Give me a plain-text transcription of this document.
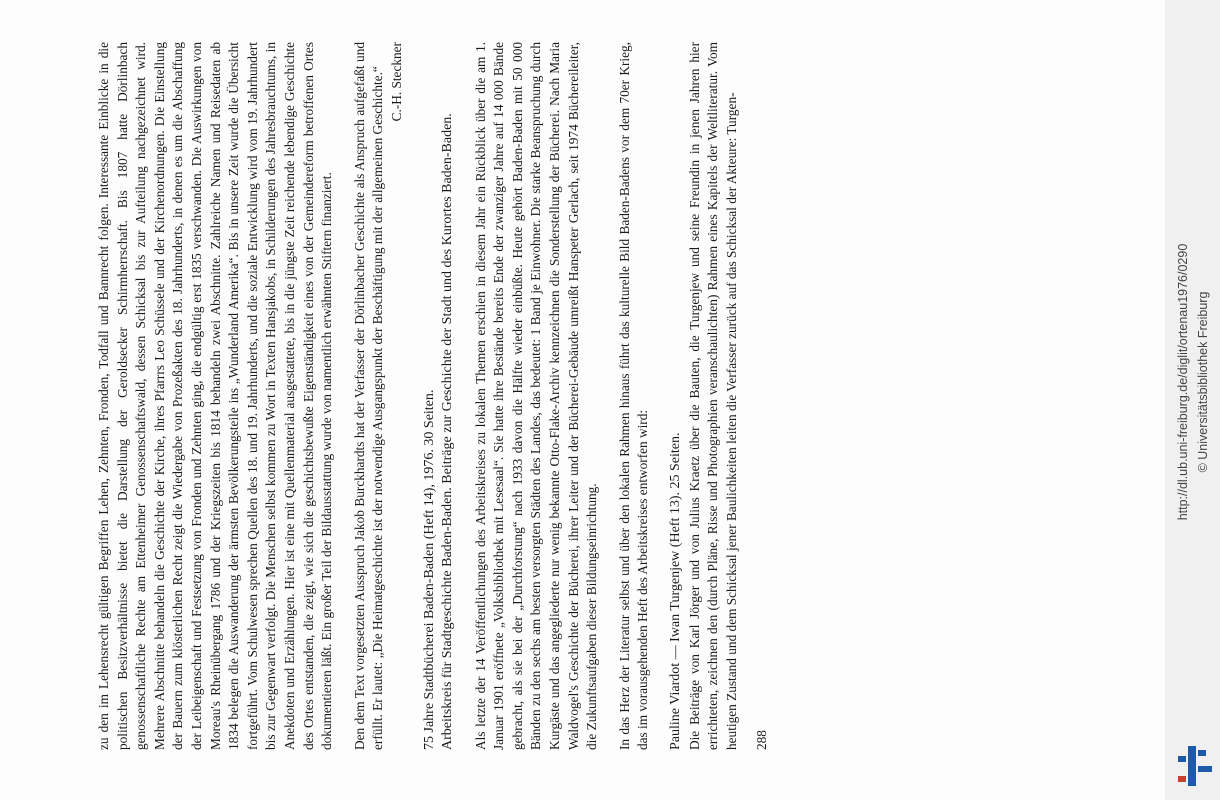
zu den im Lehensrecht gültigen Begriffen Lehen, Zehnten, Fronden, Todfall und Bannrecht folgen. Interessante Einblicke in die politischen Besitzverhältnisse bietet die Darstellung der Geroldsecker Schirmherrschaft. Bis 1807 hatte Dörlinbach genossenschaftliche Rechte am Ettenheimer Genossenschaftswald, dessen Schicksal bis zur Aufteilung nachgezeichnet wird. Mehrere Abschnitte behandeln die Geschichte der Kirche, ihres Pfarrrs Leo Schüssele und der Kirchenordnungen. Die Einstellung der Bauern zum klösterlichen Recht zeigt die Wiedergabe von Prozeßakten des 18. Jahrhunderts, in denen es um die Abschaffung der Leibeigenschaft und Festsetzung von Fronden und Zehnten ging, die endgültig erst 1835 verschwanden. Die Auswirkungen von Moreau's Rheinübergang 1786 und der Kriegszeiten bis 1814 behandeln zwei Abschnitte. Zahlreiche Namen und Reisedaten ab 1834 belegen die Auswanderung der ärmsten Bevölkerungsteile ins „Wunderland Amerika“. Bis in unsere Zeit wurde die Übersicht fortgeführt. Vom Schulwesen sprechen Quellen des 18. und 19. Jahrhunderts, und die soziale Entwicklung wird vom 19. Jahrhundert bis zur Gegenwart verfolgt. Die Menschen selbst kommen zu Wort in Texten Hansjakobs, in Schilderungen des Jahresbrauchtums, in Anekdoten und Erzählungen. Hier ist eine mit Quellenmaterial ausgestattete, bis in die jüngste Zeit reichende lebendige Geschichte des Ortes entstanden, die zeigt, wie sich die geschichtsbewußte Eigenständigkeit eines von der Gemeindereform betroffenen Ortes dokumentieren läßt. Ein großer Teil der Bildausstattung wurde von namentlich erwähnten Stiftern finanziert. Den dem Text vorgesetzten Ausspruch Jakob Burckhardts hat der Verfasser der Dörlinbacher Geschichte als Anspruch aufgefaßt und erfüllt. Er lautet: „Die Heimatgeschichte ist der notwendige Ausgangspunkt der Beschäftigung mit der allgemeinen Geschichte.“ C.-H. Steckner

75 Jahre Stadtbücherei Baden-Baden (Heft 14), 1976. 30 Seiten. Arbeitskreis für Stadtgeschichte Baden-Baden. Beiträge zur Geschichte der Stadt und des Kurortes Baden-Baden. Als letzte der 14 Veröffentlichungen des Arbeitskreises zu lokalen Themen erschien in diesem Jahr ein Rückblick über die am 1. Januar 1901 eröffnete „Volksbibliothek mit Lesesaal“. Sie hatte ihre Bestände bereits Ende der zwanziger Jahre auf 14 000 Bände gebracht, als sie bei der „Durchforstung“ nach 1933 davon die Hälfte wieder einbüßte. Heute gehört Baden-Baden mit 50 000 Bänden zu den sechs am besten versorgten Städten des Landes, das bedeutet: 1 Band je Einwohner. Die starke Beanspruchung durch Kurgäste und das angegliederte nur wenig bekannte Otto-Flake-Archiv kennzeichnen die Sonderstellung der Bücherei. Nach Maria Waldvogel's Geschichte der Bücherei, ihrer Leiter und der Bücherei-Gebäude umreißt Hanspeter Gerlach, seit 1974 Büchereileiter, die Zukunftsaufgaben dieser Bildungseinrichtung. In das Herz der Literatur selbst und über den lokalen Rahmen hinaus führt das kulturelle Bild Baden-Badens vor dem 70er Krieg, das im vorausgehenden Heft des Arbeitskreises entworfen wird: Pauline Viardot — Iwan Turgenjew (Heft 13). 25 Seiten. Die Beiträge von Karl Jörger und von Julius Kraetz über die Bauten, die Turgenjew und seine Freundin in jenen Jahren hier errichteten, zeichnen den (durch Pläne, Risse und Photographien veranschaulichten) Rahmen eines Kapitels der Weltliteratur. Vom heutigen Zustand und dem Schicksal jener Baulichkeiten leiten die Verfasser zurück auf das Schicksal der Akteure: Turgen- 288

http://dl.ub.uni-freiburg.de/diglit/ortenau1976/0290 © Universitätsbibliothek Freiburg
